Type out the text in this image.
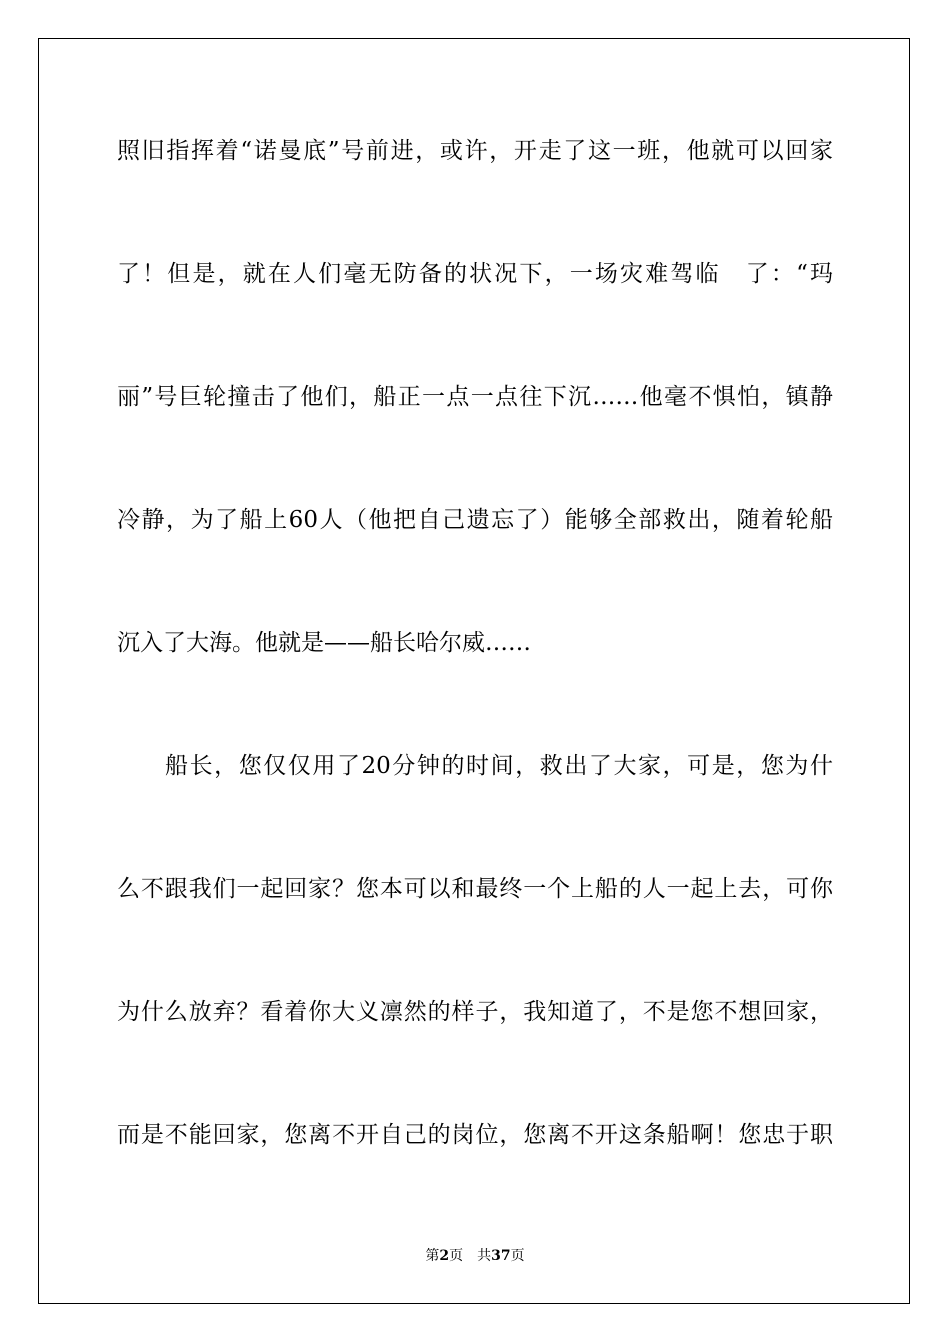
照旧指挥着“诺曼底”号前进，或许，开走了这一班，他就可以回家
了！但是，就在人们毫无防备的状况下，一场灾难驾临　了：“玛
丽”号巨轮撞击了他们，船正一点一点往下沉……他毫不惧怕，镇静
冷静，为了船上60人（他把自己遗忘了）能够全部救出，随着轮船
沉入了大海。他就是——船长哈尔威……
船长，您仅仅用了20分钟的时间，救出了大家，可是，您为什
么不跟我们一起回家？您本可以和最终一个上船的人一起上去，可你
为什么放弃？看着你大义凛然的样子，我知道了，不是您不想回家，
而是不能回家，您离不开自己的岗位，您离不开这条船啊！您忠于职
第2页　 共37页
